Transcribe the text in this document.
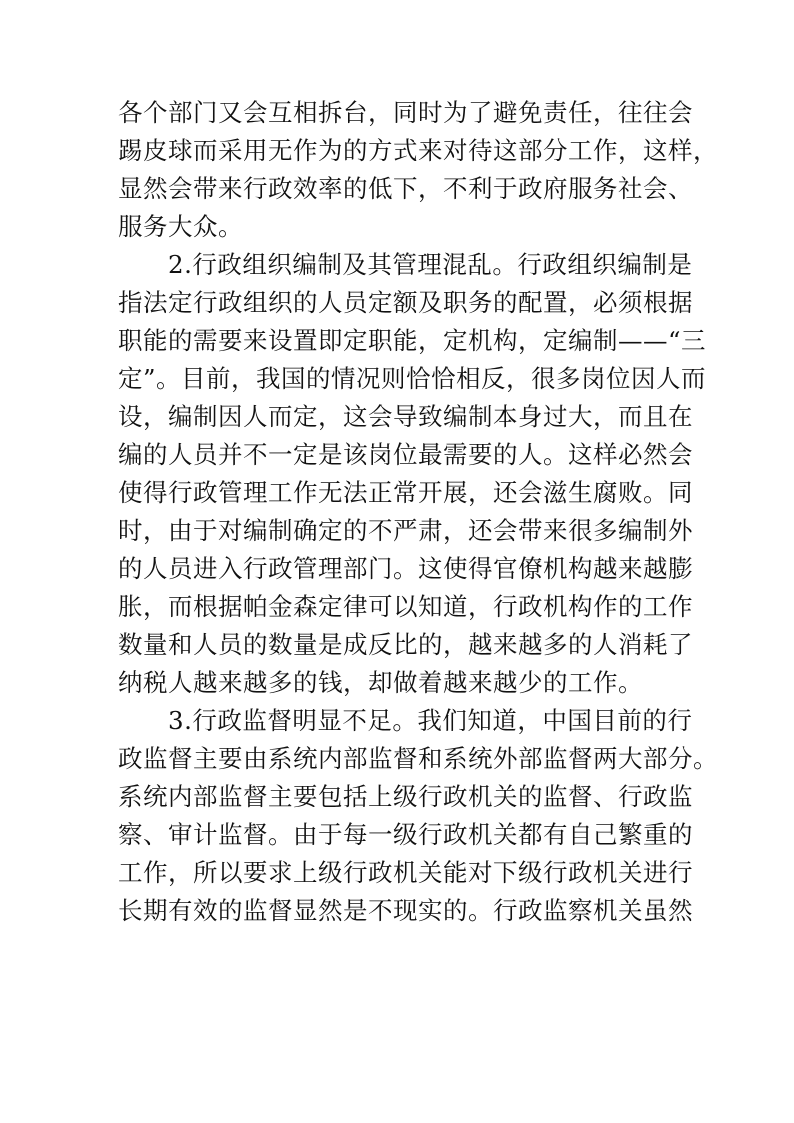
各个部门又会互相拆台，同时为了避免责任，往往会
踢皮球而采用无作为的方式来对待这部分工作，这样，
显然会带来行政效率的低下，不利于政府服务社会、
服务大众。
2.行政组织编制及其管理混乱。行政组织编制是
指法定行政组织的人员定额及职务的配置，必须根据
职能的需要来设置即定职能，定机构，定编制——“三
定”。目前，我国的情况则恰恰相反，很多岗位因人而
设，编制因人而定，这会导致编制本身过大，而且在
编的人员并不一定是该岗位最需要的人。这样必然会
使得行政管理工作无法正常开展，还会滋生腐败。同
时，由于对编制确定的不严肃，还会带来很多编制外
的人员进入行政管理部门。这使得官僚机构越来越膨
胀，而根据帕金森定律可以知道，行政机构作的工作
数量和人员的数量是成反比的，越来越多的人消耗了
纳税人越来越多的钱，却做着越来越少的工作。
3.行政监督明显不足。我们知道，中国目前的行
政监督主要由系统内部监督和系统外部监督两大部分。
系统内部监督主要包括上级行政机关的监督、行政监
察、审计监督。由于每一级行政机关都有自己繁重的
工作，所以要求上级行政机关能对下级行政机关进行
长期有效的监督显然是不现实的。行政监察机关虽然
